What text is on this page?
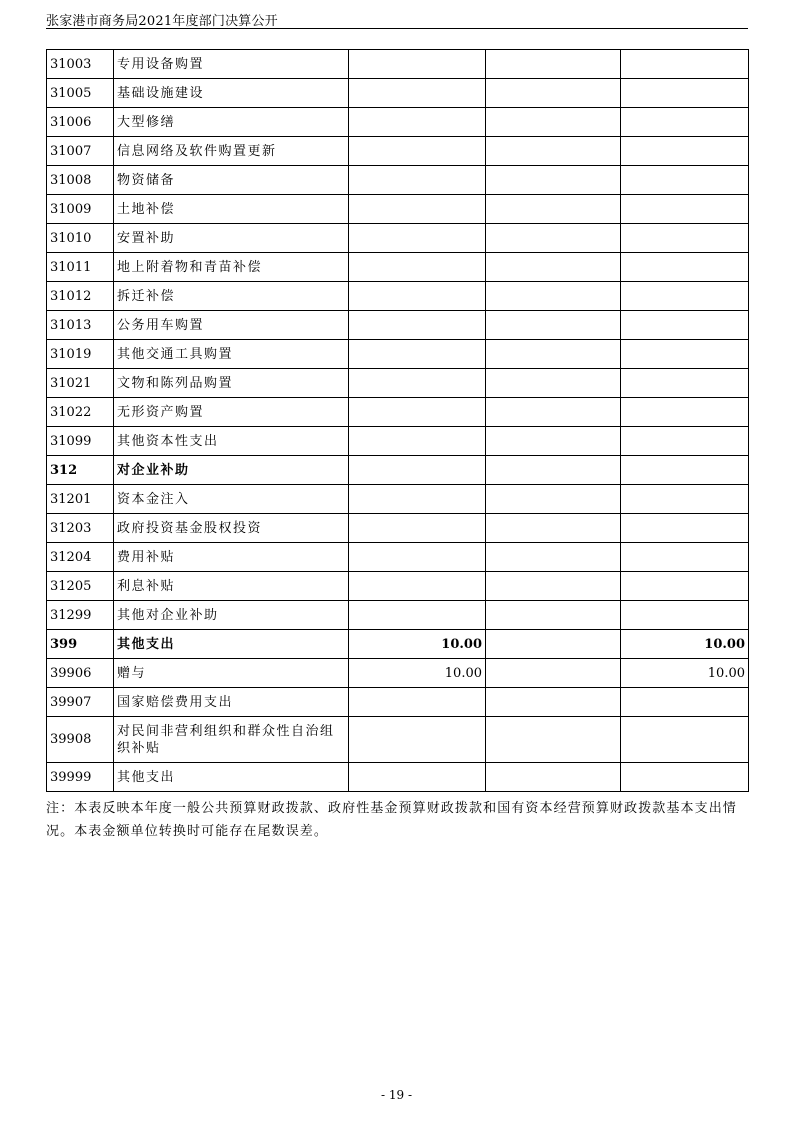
张家港市商务局2021年度部门决算公开
31003	专用设备购置			
31005	基础设施建设			
31006	大型修缮			
31007	信息网络及软件购置更新			
31008	物资储备			
31009	土地补偿			
31010	安置补助			
31011	地上附着物和青苗补偿			
31012	拆迁补偿			
31013	公务用车购置			
31019	其他交通工具购置			
31021	文物和陈列品购置			
31022	无形资产购置			
31099	其他资本性支出			
312	对企业补助			
31201	资本金注入			
31203	政府投资基金股权投资			
31204	费用补贴			
31205	利息补贴			
31299	其他对企业补助			
399	其他支出	10.00		10.00
39906	赠与	10.00		10.00
39907	国家赔偿费用支出			
39908	对民间非营利组织和群众性自治组织补贴			
39999	其他支出			
注：本表反映本年度一般公共预算财政拨款、政府性基金预算财政拨款和国有资本经营预算财政拨款基本支出情况。本表金额单位转换时可能存在尾数误差。
- 19 -
